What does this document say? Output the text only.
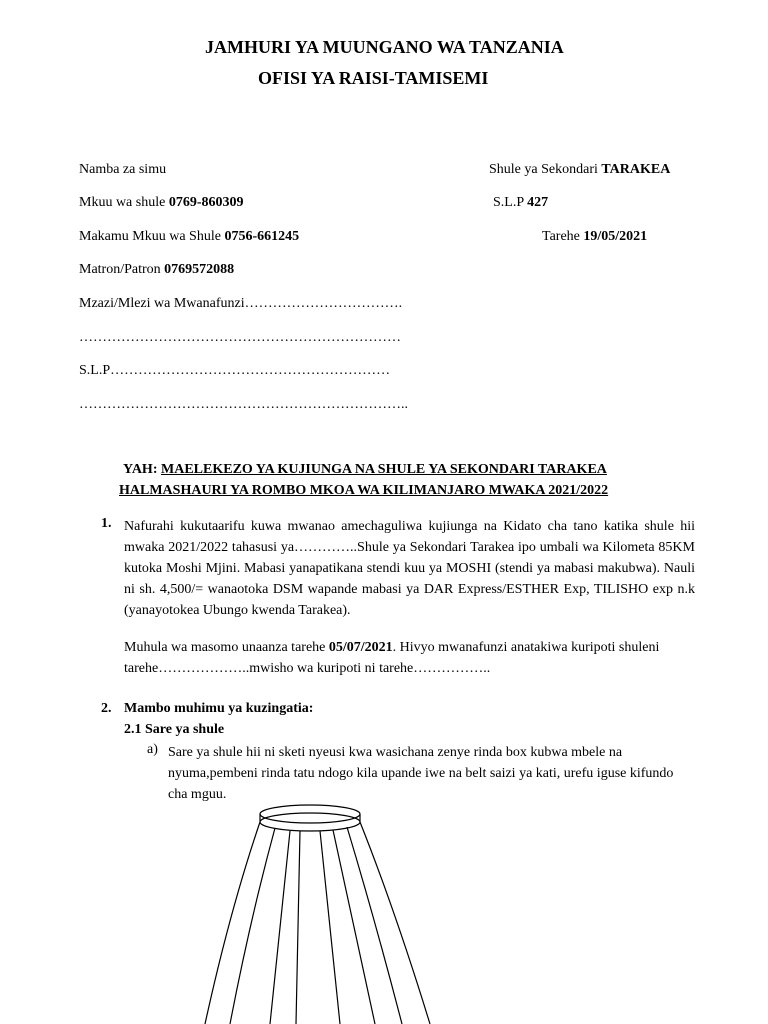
JAMHURI YA MUUNGANO WA TANZANIA
OFISI YA RAISI-TAMISEMI
Namba za simu
Mkuu wa shule 0769-860309
Makamu Mkuu wa Shule 0756-661245
Matron/Patron 0769572088
Shule ya Sekondari TARAKEA
S.L.P 427
Tarehe 19/05/2021
Mzazi/Mlezi wa Mwanafunzi…………………………….
……………………………………………………………
S.L.P……………………………………………………
……………………………………………………………..
YAH: MAELEKEZO YA KUJIUNGA NA SHULE YA SEKONDARI TARAKEA
HALMASHAURI YA ROMBO MKOA WA KILIMANJARO MWAKA 2021/2022
1. Nafurahi kukutaarifu kuwa mwanao amechaguliwa kujiunga na Kidato cha tano katika shule hii mwaka 2021/2022 tahasusi ya…………..Shule ya Sekondari Tarakea ipo umbali wa Kilometa 85KM kutoka Moshi Mjini. Mabasi yanapatikana stendi kuu ya MOSHI (stendi ya mabasi makubwa). Nauli ni sh. 4,500/= wanaotoka DSM wapande mabasi ya DAR Express/ESTHER Exp, TILISHO exp n.k (yanayotokea Ubungo kwenda Tarakea).
Muhula wa masomo unaanza tarehe 05/07/2021. Hivyo mwanafunzi anatakiwa kuripoti shuleni tarehe………………..mwisho wa kuripoti ni tarehe……………..
2. Mambo muhimu ya kuzingatia:
2.1 Sare ya shule
a) Sare ya shule hii ni sketi nyeusi kwa wasichana zenye rinda box kubwa mbele na nyuma,pembeni rinda tatu ndogo kila upande iwe na belt saizi ya kati, urefu iguse kifundo cha mguu.
